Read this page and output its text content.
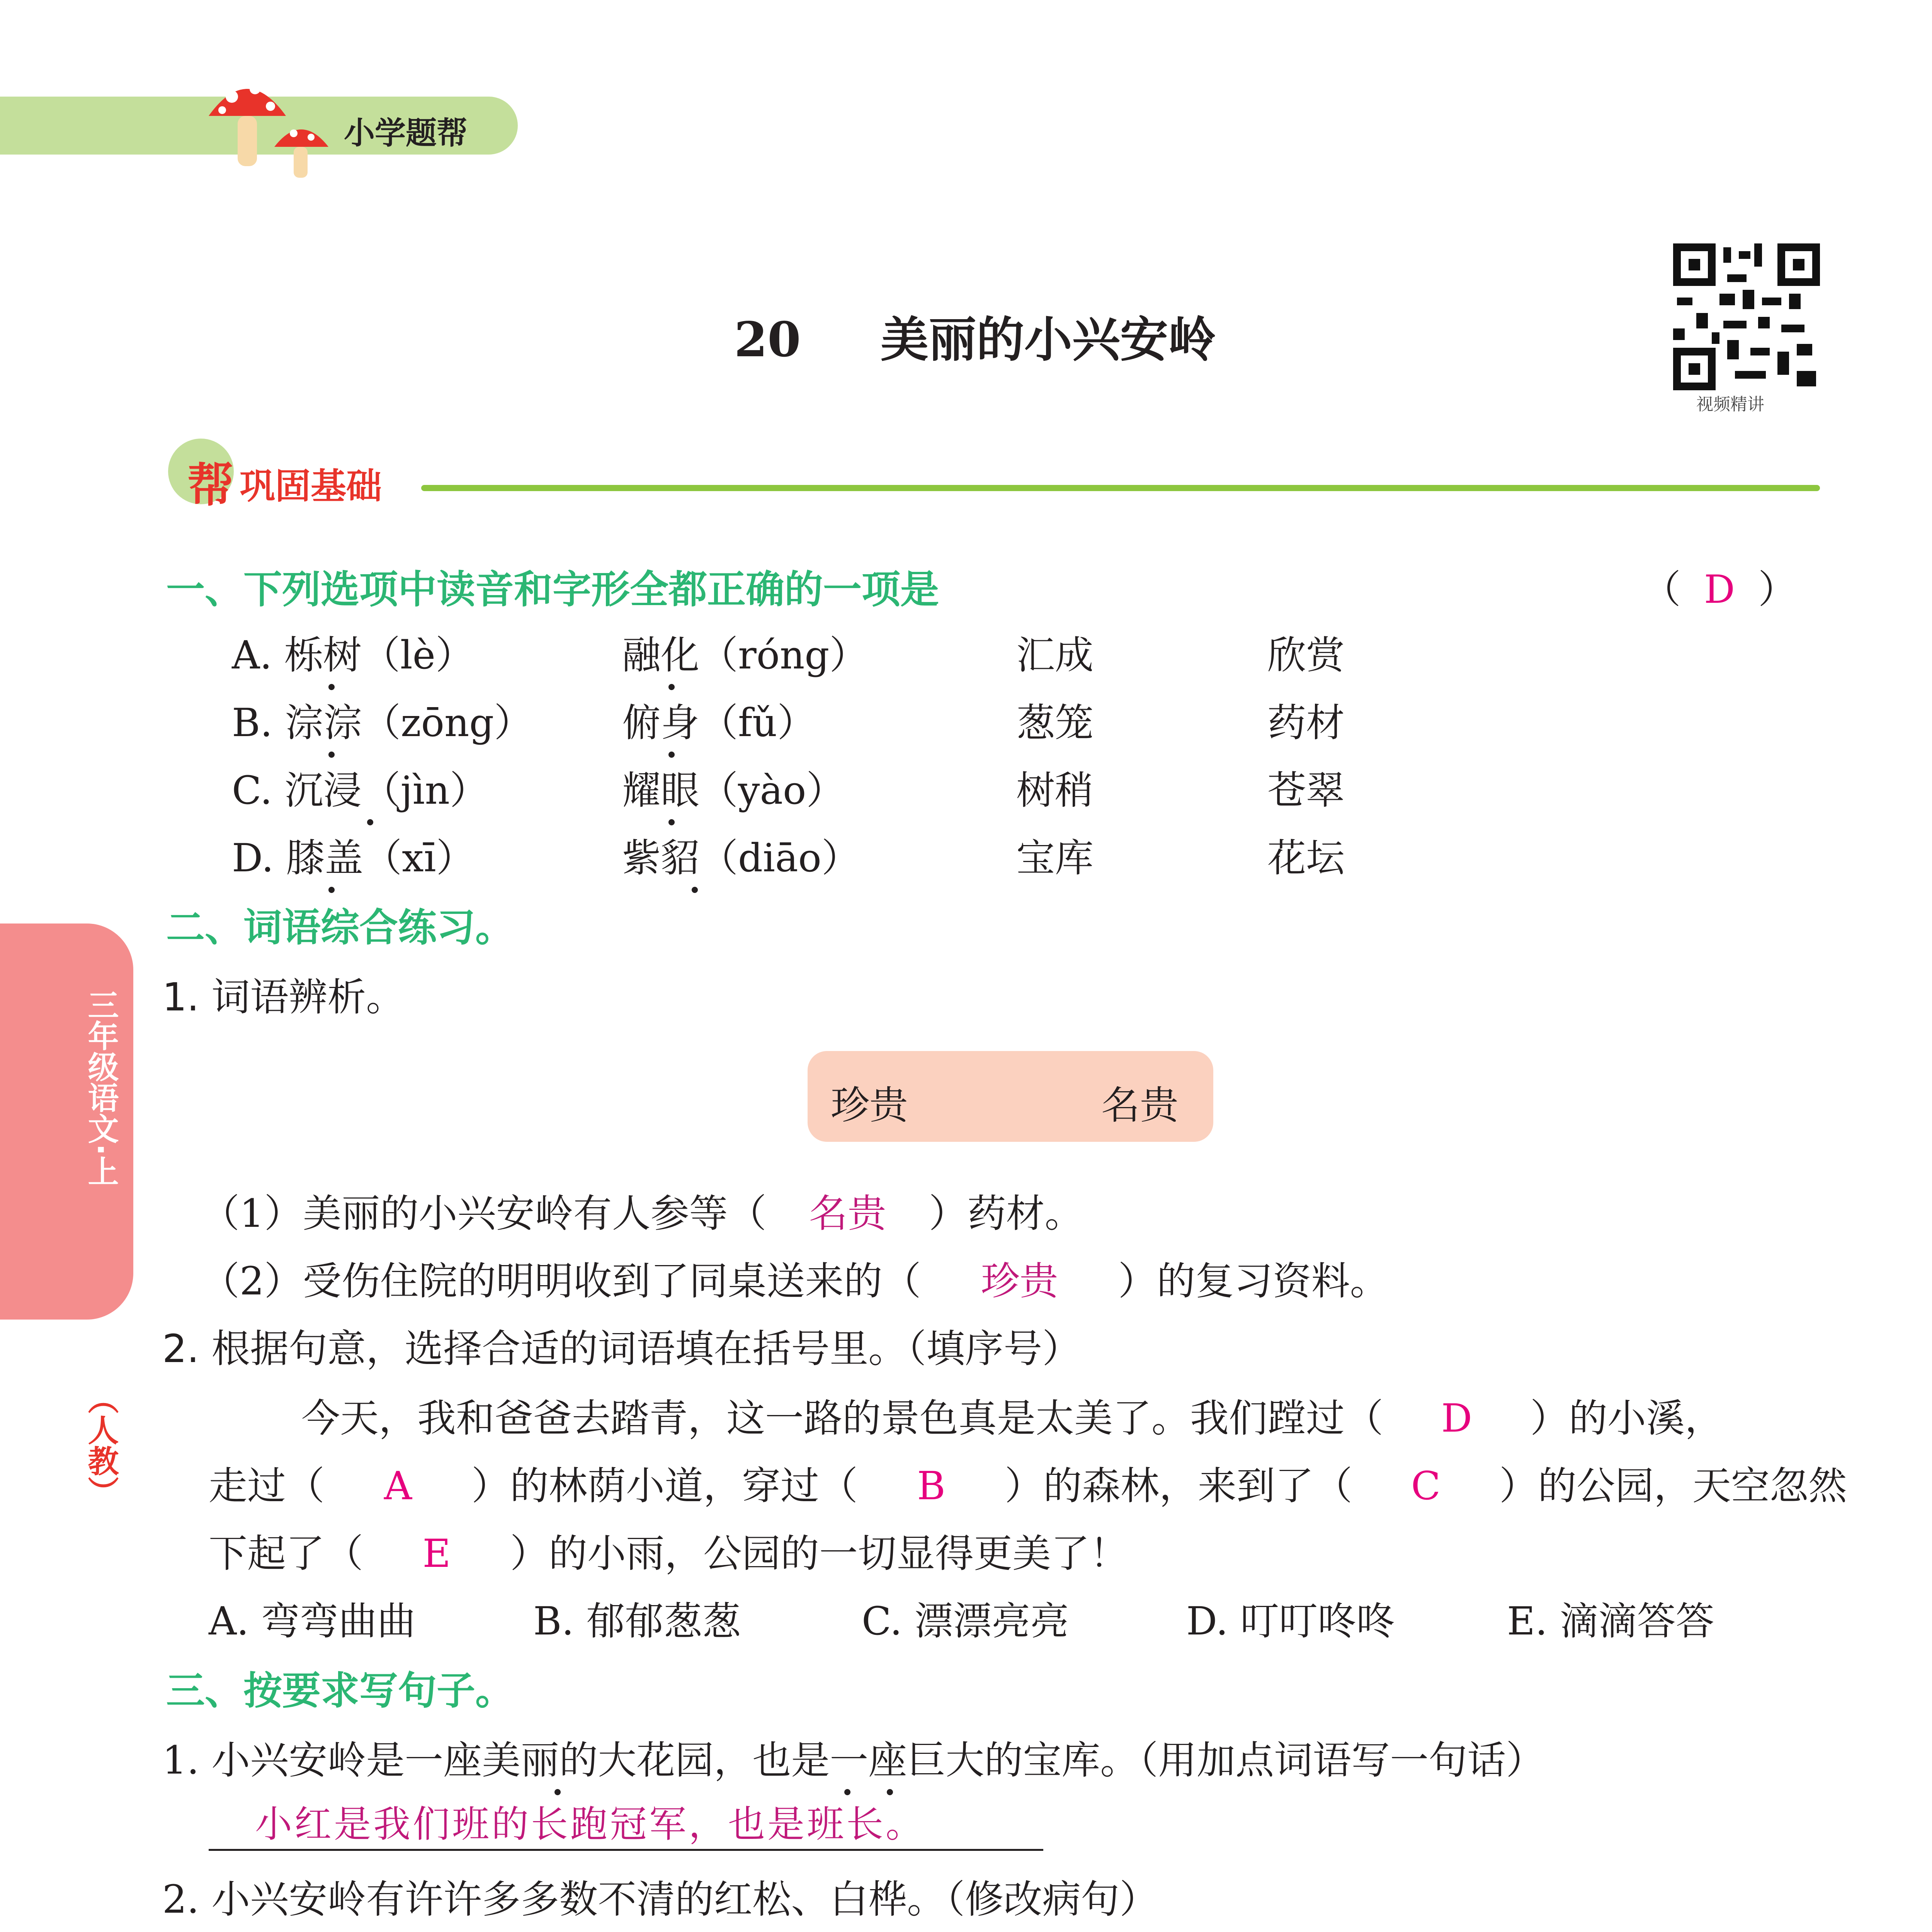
小学题帮
20 美丽的小兴安岭
视频精讲
帮 巩固基础
一、下列选项中读音和字形全都正确的一项是	（ D ）
A. 栎树（lè）	融化（róng）	汇成	欣赏
B. 淙淙（zōng） 俯身（fǔ）	葱笼	药材
C. 沉浸（jìn）	耀眼（yào）	树稍	苍翠
D. 膝盖（xī）	紫貂（diāo）	宝库	花坛
三年级语文·上
（人教）
二、词语综合练习。
1. 词语辨析。
珍贵	名贵
（1）美丽的小兴安岭有人参等（ 名贵 ）药材。
（2）受伤住院的明明收到了同桌送来的（ 珍贵 ）的复习资料。
2. 根据句意，选择合适的词语填在括号里。（填序号）
今天，我和爸爸去踏青，这一路的景色真是太美了。我们蹚过（ D ）的小溪，
走过（ A ）的林荫小道，穿过（ B ）的森林，来到了（ C ）的公园，天空忽然
下起了（ E ）的小雨，公园的一切显得更美了！
A. 弯弯曲曲	B. 郁郁葱葱	C. 漂漂亮亮	D. 叮叮咚咚	E. 滴滴答答
三、按要求写句子。
1. 小兴安岭是一座美丽的大花园，也是一座巨大的宝库。（用加点词语写一句话）
小红是我们班的长跑冠军，也是班长。
2. 小兴安岭有许许多多数不清的红松、白桦。（修改病句）
